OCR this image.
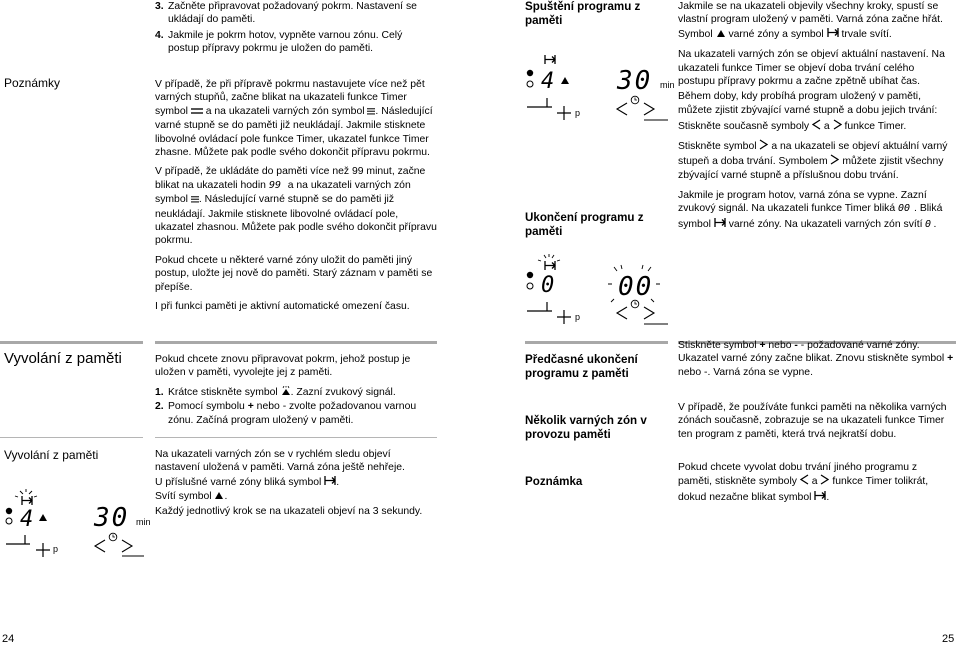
3. Začněte připravovat požadovaný pokrm. Nastavení se ukládají do paměti.
4. Jakmile je pokrm hotov, vypněte varnou zónu. Celý postup přípravy pokrmu je uložen do paměti.
Poznámky	V případě, že při přípravě pokrmu nastavujete více než pět varných stupňů, začne blikat na ukazateli funkce Timer symbol a na ukazateli varných zón symbol . Následující varné stupně se do paměti již neukládají. Jakmile stisknete libovolné ovládací pole funkce Timer, ukazatel funkce Timer zhasne. Můžete pak podle svého dokončit přípravu pokrmu.

V případě, že ukládáte do paměti více než 99 minut, začne blikat na ukazateli hodin 99 a na ukazateli varných zón symbol . Následující varné stupně se do paměti již neukládají. Jakmile stisknete libovolné ovládací pole, ukazatel zhasnou. Můžete pak podle svého dokončit přípravu pokrmu.

Pokud chcete u některé varné zóny uložit do paměti jiný postup, uložte jej nově do paměti. Starý záznam v paměti se přepíše.

I při funkci paměti je aktivní automatické omezení času.

Vyvolání z paměti	Pokud chcete znovu připravovat pokrm, jehož postup je uložen v paměti, vyvolejte jej z paměti.

1. Krátce stiskněte symbol . Zazní zvukový signál.
2. Pomocí symbolu + nebo - zvolte požadovanou varnou zónu. Začíná program uložený v paměti.
Vyvolání z paměti	Na ukazateli varných zón se v rychlém sledu objeví nastavení uložená v paměti. Varná zóna ještě nehřeje.

U příslušné varné zóny bliká symbol .

Svítí symbol .

Každý jednotlivý krok se na ukazateli objeví na 3 sekundy.

4 30 min
p
24
Spuštění programu z paměti

Jakmile se na ukazateli objevily všechny kroky, spustí se vlastní program uložený v paměti. Varná zóna začne hřát. Symbol varné zóny a symbol trvale svítí.

Na ukazateli varných zón se objeví aktuální nastavení. Na ukazateli funkce Timer se objeví doba trvání celého postupu přípravy pokrmu a začne zpětně ubíhat čas.

Během doby, kdy probíhá program uložený v paměti, můžete zjistit zbývající varné stupně a dobu jejich trvání:

Stiskněte současně symboly a funkce Timer.

Stiskněte symbol a na ukazateli se objeví aktuální varný stupeň a doba trvání. Symbolem můžete zjistit všechny zbývající varné stupně a příslušnou dobu trvání.

Jakmile je program hotov, varná zóna se vypne. Zazní zvukový signál. Na ukazateli funkce Timer bliká 00 . Bliká symbol varné zóny. Na ukazateli varných zón svítí 0 .

4 30 min
p
Ukončení programu z paměti
0 00
p
Předčasné ukončení programu z paměti

Stiskněte symbol + nebo - - požadované varné zóny. Ukazatel varné zóny začne blikat. Znovu stiskněte symbol + nebo -. Varná zóna se vypne.

Několik varných zón v provozu paměti
V případě, že používáte funkci paměti na několika varných zónách současně, zobrazuje se na ukazateli funkce Timer ten program z paměti, která trvá nejkratší dobu.
Poznámka

Pokud chcete vyvolat dobu trvání jiného programu z paměti, stiskněte symboly a funkce Timer tolikrát, dokud nezačne blikat symbol .

25
